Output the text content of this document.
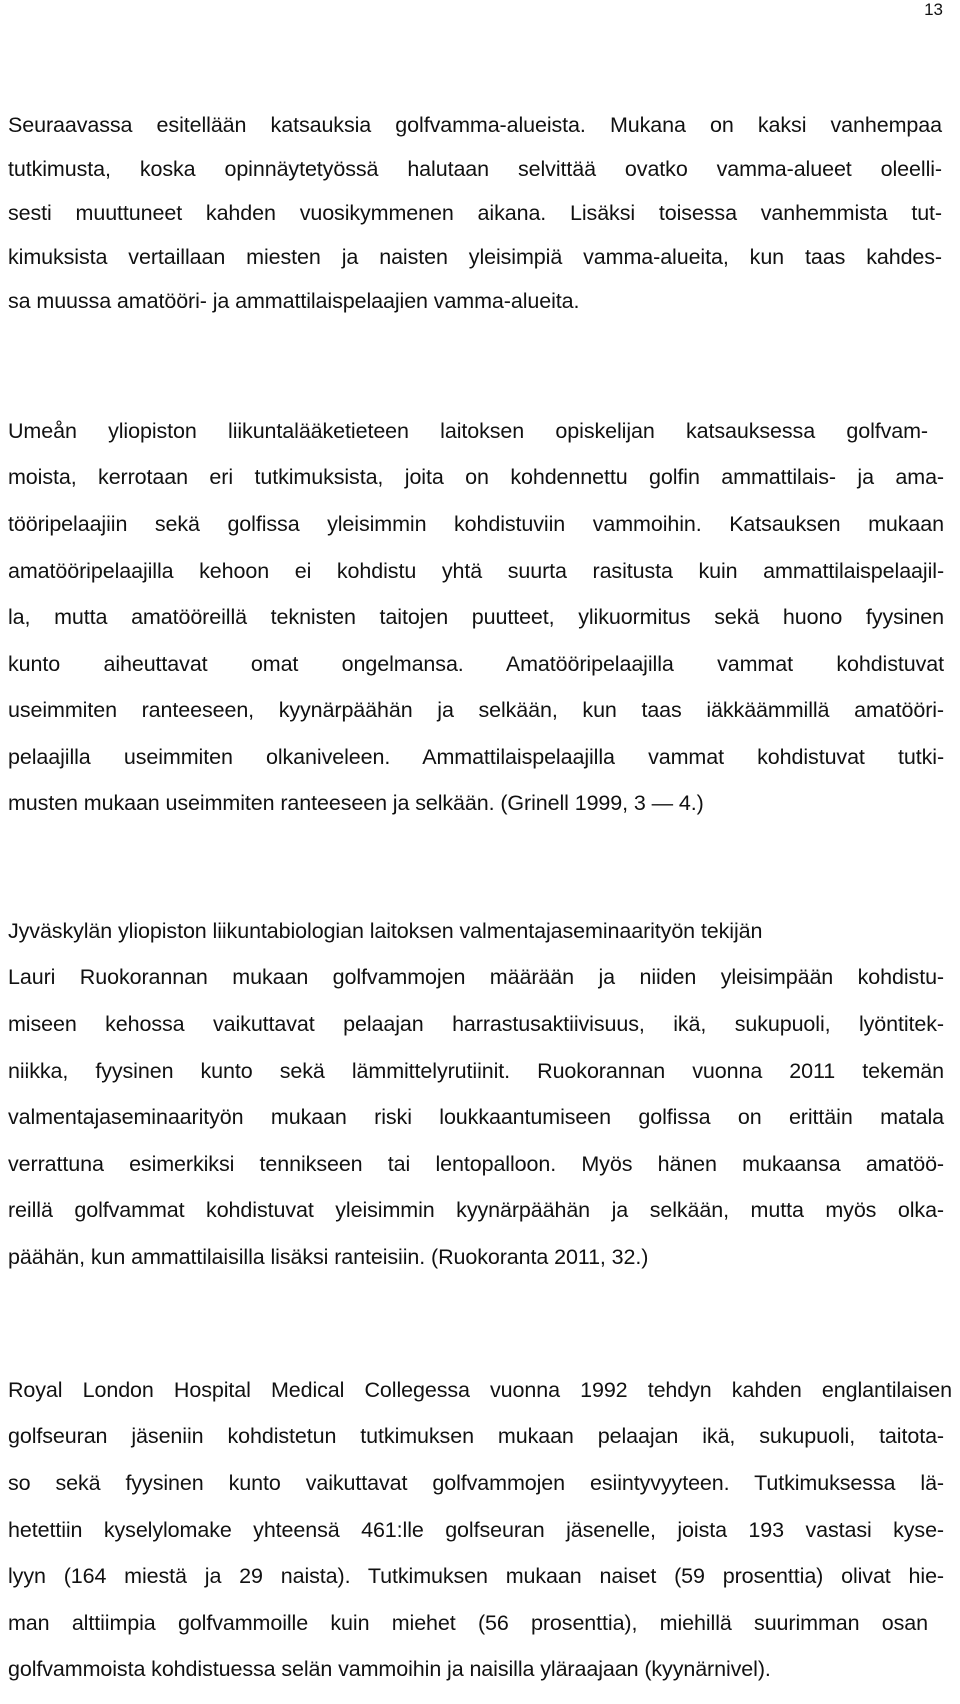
13
Seuraavassa esitellään katsauksia golfvamma-alueista. Mukana on kaksi vanhempaa
tutkimusta, koska opinnäytetyössä halutaan selvittää ovatko vamma-alueet oleelli-
sesti muuttuneet kahden vuosikymmenen aikana. Lisäksi toisessa vanhemmista tut-
kimuksista vertaillaan miesten ja naisten yleisimpiä vamma-alueita, kun taas kahdes-
sa muussa amatööri- ja ammattilaispelaajien vamma-alueita.
Umeån yliopiston liikuntalääketieteen laitoksen opiskelijan katsauksessa golfvam-
moista, kerrotaan eri tutkimuksista, joita on kohdennettu golfin ammattilais- ja ama-
tööripelaajiin sekä golfissa yleisimmin kohdistuviin vammoihin. Katsauksen mukaan
amatööripelaajilla kehoon ei kohdistu yhtä suurta rasitusta kuin ammattilaispelaajil-
la, mutta amatööreillä teknisten taitojen puutteet, ylikuormitus sekä huono fyysinen
kunto aiheuttavat omat ongelmansa. Amatööripelaajilla vammat kohdistuvat
useimmiten ranteeseen, kyynärpäähän ja selkään, kun taas iäkkäämmillä amatööri-
pelaajilla useimmiten olkaniveleen. Ammattilaispelaajilla vammat kohdistuvat tutki-
musten mukaan useimmiten ranteeseen ja selkään. (Grinell 1999, 3 — 4.)
Jyväskylän yliopiston liikuntabiologian laitoksen valmentajaseminaarityön tekijän
Lauri Ruokorannan mukaan golfvammojen määrään ja niiden yleisimpään kohdistu-
miseen kehossa vaikuttavat pelaajan harrastusaktiivisuus, ikä, sukupuoli, lyöntitek-
niikka, fyysinen kunto sekä lämmittelyrutiinit. Ruokorannan vuonna 2011 tekemän
valmentajaseminaarityön mukaan riski loukkaantumiseen golfissa on erittäin matala
verrattuna esimerkiksi tennikseen tai lentopalloon. Myös hänen mukaansa amatöö-
reillä golfvammat kohdistuvat yleisimmin kyynärpäähän ja selkään, mutta myös olka-
päähän, kun ammattilaisilla lisäksi ranteisiin. (Ruokoranta 2011, 32.)
Royal London Hospital Medical Collegessa vuonna 1992 tehdyn kahden englantilaisen
golfseuran jäseniin kohdistetun tutkimuksen mukaan pelaajan ikä, sukupuoli, taitota-
so sekä fyysinen kunto vaikuttavat golfvammojen esiintyvyyteen. Tutkimuksessa lä-
hetettiin kyselylomake yhteensä 461:lle golfseuran jäsenelle, joista 193 vastasi kyse-
lyyn (164 miestä ja 29 naista). Tutkimuksen mukaan naiset (59 prosenttia) olivat hie-
man alttiimpia golfvammoille kuin miehet (56 prosenttia), miehillä suurimman osan
golfvammoista kohdistuessa selän vammoihin ja naisilla yläraajaan (kyynärnivel).
